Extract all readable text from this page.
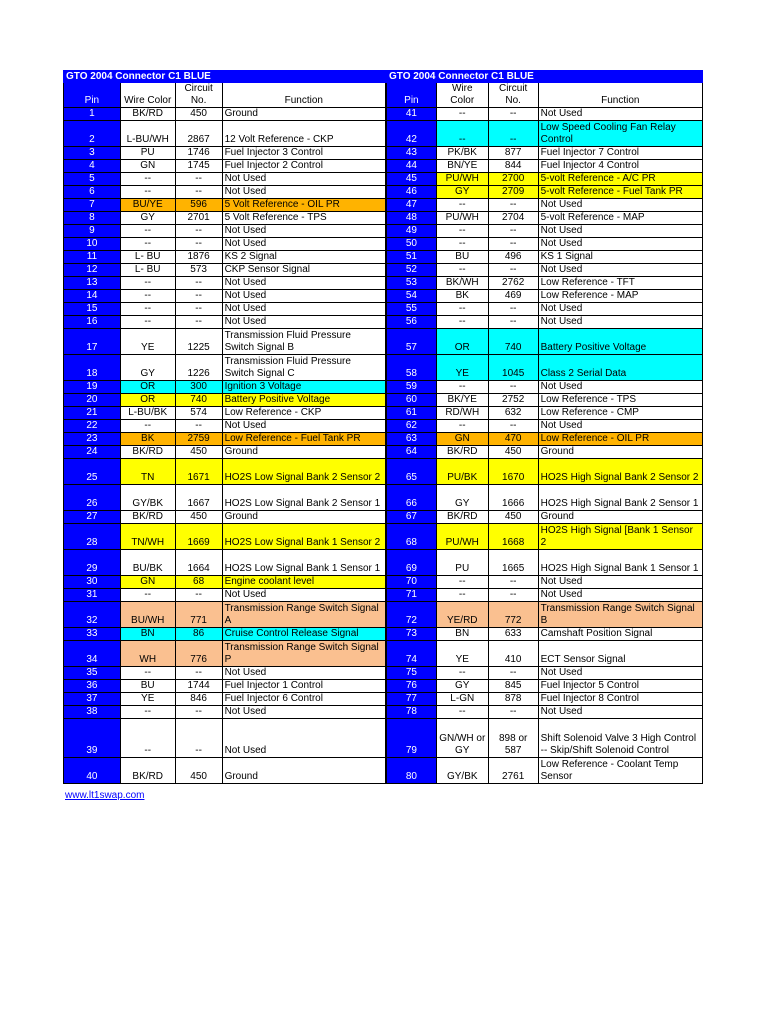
GTO 2004 Connector C1 BLUE			
Pin	Wire Color	Circuit No.	Function
1	BK/RD	450	Ground
2	L-BU/WH	2867	12 Volt Reference - CKP
3	PU	1746	Fuel Injector 3 Control
4	GN	1745	Fuel Injector 2 Control
5	--	--	Not Used
6	--	--	Not Used
7	BU/YE	596	5 Volt Reference - OIL PR
8	GY	2701	5 Volt Reference - TPS
9	--	--	Not Used
10	--	--	Not Used
11	L- BU	1876	KS 2 Signal
12	L- BU	573	CKP Sensor Signal
13	--	--	Not Used
14	--	--	Not Used
15	--	--	Not Used
16	--	--	Not Used
17	YE	1225	Transmission Fluid Pressure Switch Signal B
18	GY	1226	Transmission Fluid Pressure Switch Signal C
19	OR	300	Ignition 3 Voltage
20	OR	740	Battery Positive Voltage
21	L-BU/BK	574	Low Reference - CKP
22	--	--	Not Used
23	BK	2759	Low Reference - Fuel Tank PR
24	BK/RD	450	Ground
25	TN	1671	HO2S Low Signal Bank 2 Sensor 2
26	GY/BK	1667	HO2S Low Signal Bank 2 Sensor 1
27	BK/RD	450	Ground
28	TN/WH	1669	HO2S Low Signal Bank 1 Sensor 2
29	BU/BK	1664	HO2S Low Signal Bank 1 Sensor 1
30	GN	68	Engine coolant level
31	--	--	Not Used
32	BU/WH	771	Transmission Range Switch Signal A
33	BN	86	Cruise Control Release Signal
34	WH	776	Transmission Range Switch Signal P
35	--	--	Not Used
36	BU	1744	Fuel Injector 1 Control
37	YE	846	Fuel Injector 6 Control
38	--	--	Not Used
39	--	--	Not Used
40	BK/RD	450	Ground
GTO 2004 Connector C1 BLUE			
Pin	Wire Color	Circuit No.	Function
41	--	--	Not Used
42	--	--	Low Speed Cooling Fan Relay Control
43	PK/BK	877	Fuel Injector 7 Control
44	BN/YE	844	Fuel Injector 4 Control
45	PU/WH	2700	5-volt Reference - A/C PR
46	GY	2709	5-volt Reference - Fuel Tank PR
47	--	--	Not Used
48	PU/WH	2704	5-volt Reference - MAP
49	--	--	Not Used
50	--	--	Not Used
51	BU	496	KS 1 Signal
52	--	--	Not Used
53	BK/WH	2762	Low Reference - TFT
54	BK	469	Low Reference - MAP
55	--	--	Not Used
56	--	--	Not Used
57	OR	740	Battery Positive Voltage
58	YE	1045	Class 2 Serial Data
59	--	--	Not Used
60	BK/YE	2752	Low Reference - TPS
61	RD/WH	632	Low Reference - CMP
62	--	--	Not Used
63	GN	470	Low Reference - OIL PR
64	BK/RD	450	Ground
65	PU/BK	1670	HO2S High Signal Bank 2 Sensor 2
66	GY	1666	HO2S High Signal Bank 2 Sensor 1
67	BK/RD	450	Ground
68	PU/WH	1668	HO2S High Signal [Bank 1 Sensor 2
69	PU	1665	HO2S High Signal Bank 1 Sensor 1
70	--	--	Not Used
71	--	--	Not Used
72	YE/RD	772	Transmission Range Switch Signal B
73	BN	633	Camshaft Position Signal
74	YE	410	ECT Sensor Signal
75	--	--	Not Used
76	GY	845	Fuel Injector 5 Control
77	L-GN	878	Fuel Injector 8 Control
78	--	--	Not Used
79	GN/WH or GY	898 or 587	Shift Solenoid Valve 3 High Control -- Skip/Shift Solenoid Control
80	GY/BK	2761	Low Reference - Coolant Temp Sensor
www.lt1swap.com
